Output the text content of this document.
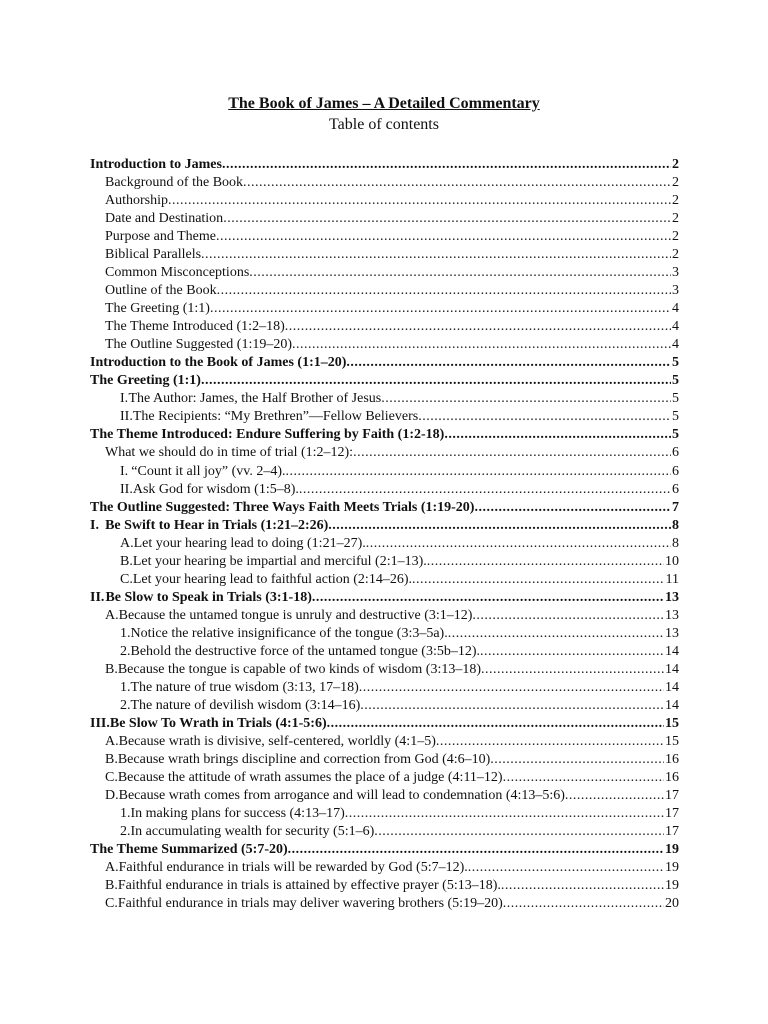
The Book of James – A Detailed Commentary
Table of contents
Introduction to James .....	2
Background of the Book .....	2
Authorship .....	2
Date and Destination .....	2
Purpose and Theme .....	2
Biblical Parallels .....	2
Common Misconceptions .....	3
Outline of the Book .....	3
The Greeting (1:1) .....	4
The Theme Introduced (1:2–18) .....	4
The Outline Suggested (1:19–20) .....	4
Introduction to the Book of James (1:1–20) .....	5
The Greeting (1:1) .....	5
I. The Author: James, the Half Brother of Jesus .....	5
II. The Recipients: “My Brethren”—Fellow Believers .....	5
The Theme Introduced: Endure Suffering by Faith (1:2-18) .....	5
What we should do in time of trial (1:2–12): .....	6
I. “Count it all joy” (vv. 2–4). .....	6
II. Ask God for wisdom (1:5–8). .....	6
The Outline Suggested: Three Ways Faith Meets Trials (1:19-20) .....	7
I. Be Swift to Hear in Trials (1:21–2:26) .....	8
A. Let your hearing lead to doing (1:21–27). .....	8
B. Let your hearing be impartial and merciful (2:1–13). .....	10
C. Let your hearing lead to faithful action (2:14–26). .....	11
II. Be Slow to Speak in Trials (3:1-18) .....	13
A. Because the untamed tongue is unruly and destructive (3:1–12) .....	13
1. Notice the relative insignificance of the tongue (3:3–5a). .....	13
2. Behold the destructive force of the untamed tongue (3:5b–12). .....	14
B. Because the tongue is capable of two kinds of wisdom (3:13–18) .....	14
1. The nature of true wisdom (3:13, 17–18) .....	14
2. The nature of devilish wisdom (3:14–16) .....	14
III. Be Slow To Wrath in Trials (4:1-5:6) .....	15
A. Because wrath is divisive, self-centered, worldly (4:1–5) .....	15
B. Because wrath brings discipline and correction from God (4:6–10) .....	16
C. Because the attitude of wrath assumes the place of a judge (4:11–12) .....	16
D. Because wrath comes from arrogance and will lead to condemnation (4:13–5:6) .....	17
1. In making plans for success (4:13–17) .....	17
2. In accumulating wealth for security (5:1–6) .....	17
The Theme Summarized (5:7-20) .....	19
A. Faithful endurance in trials will be rewarded by God (5:7–12). .....	19
B. Faithful endurance in trials is attained by effective prayer (5:13–18). .....	19
C. Faithful endurance in trials may deliver wavering brothers (5:19–20) .....	20
